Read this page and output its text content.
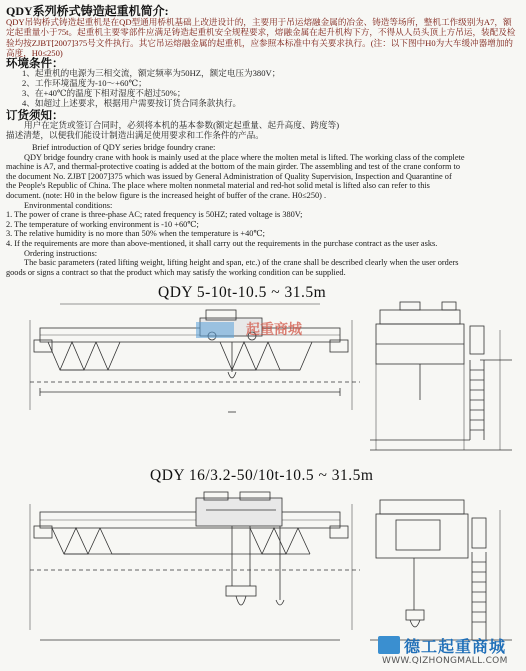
QDY系列桥式铸造起重机简介:
QDY吊钩桥式铸造起重机是在QD型通用桥机基础上改进设计的，主要用于吊运熔融金属的冶金、铸造等场所，整机工作级别为A7，额定起重量小于75t。起重机主要零部件应满足铸造起重机安全规程要求，熔融金属在起升机构下方，不得从人员头顶上方吊运，装配及检验均按ZJBT[2007]375号文件执行。其它吊运熔融金属的起重机，应参照本标准中有关要求执行。(注：以下图中H0为大车缓冲器增加的高度，H0≤250)
环境条件：
1、起重机的电源为三相交流，额定频率为50HZ，额定电压为380V；
2、工作环境温度为-10～+60℃；
3、在+40℃的温度下相对湿度不超过50%；
4、如超过上述要求，根据用户需要按订货合同条款执行。
订货须知：
用户在定货或签订合同时，必须将本机的基本参数(额定起重量、起升高度、跨度等)
描述清楚，以便我们能设计制造出满足使用要求和工作条件的产品。
Brief introduction of QDY series bridge foundry crane:
QDY bridge foundry crane with hook is mainly used at the place where the molten metal is lifted. The working class of the complete
machine is A7, and thermal-protective coating is added at the bottom of the main girder. The assembling and test of the crane conform to
the document No. ZJBT [2007]375 which was issued by General Administration of Quality Supervision, Inspection and Quarantine of
the People's Republic of China. The place where molten nonmetal material and red-hot solid metal is lifted also can refer to this
document. (note: H0 in the below figure is the increased height of buffer of the crane. H0≤250) .
Environmental conditions:
1. The power of crane is three-phase AC; rated frequency is 50HZ; rated voltage is 380V;
2. The temperature of working environment is -10 +60℃;
3. The relative humidity is no more than 50% when the temperature is +40℃;
4. If the requirements are more than above-mentioned, it shall carry out the requirements in the purchase contract as the user asks.
Ordering instructions:
The basic parameters (rated lifting weight, lifting height and span, etc.) of the crane shall be described clearly when the user orders
goods or signs a contract so that the product which may satisfy the working condition can be supplied.
QDY 5-10t-10.5 ~ 31.5m
起重商城
QDY 16/3.2-50/10t-10.5 ~ 31.5m
德工起重商城
WWW.QIZHONGMALL.COM
